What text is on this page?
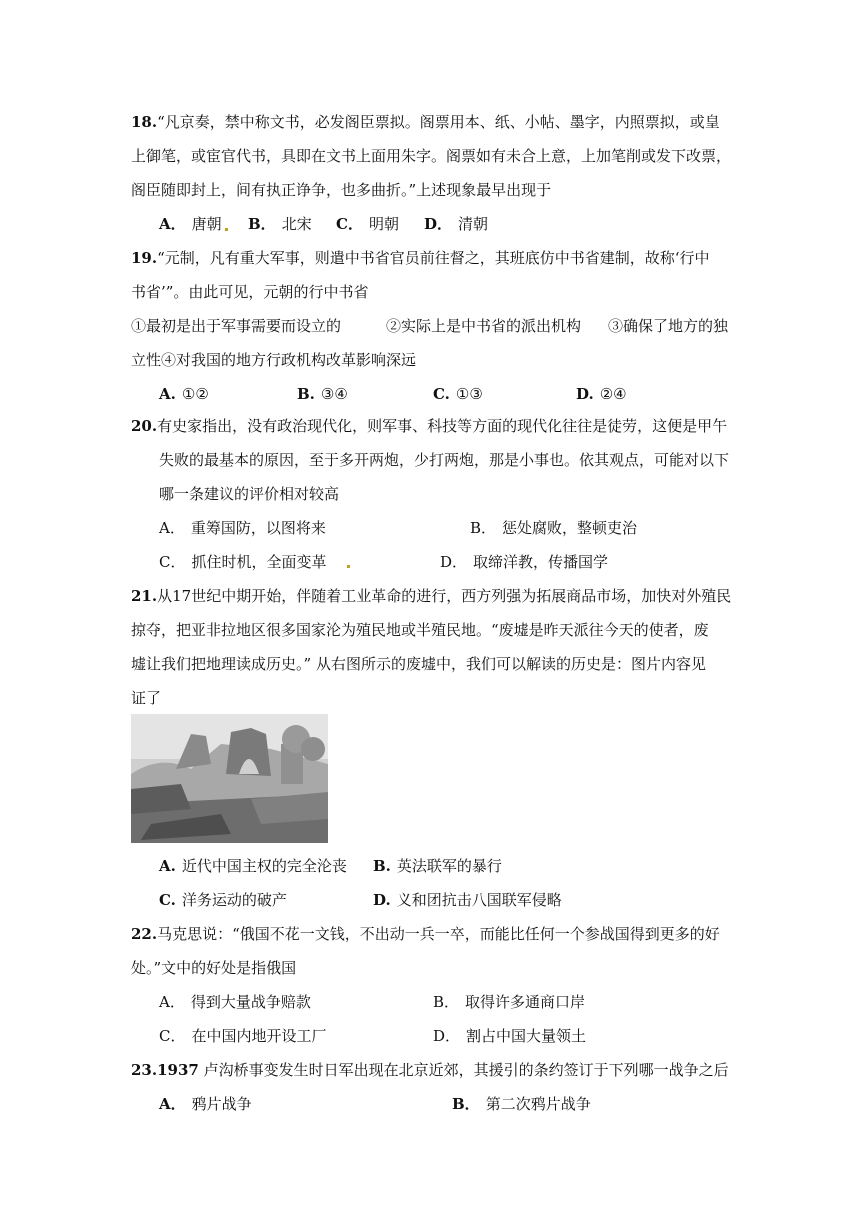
18.“凡京奏，禁中称文书，必发阁臣票拟。阁票用本、纸、小帖、墨字，内照票拟，或皇
上御笔，或宦官代书，具即在文书上面用朱字。阁票如有未合上意，上加笔削或发下改票，
阁臣随即封上，间有执正诤争，也多曲折。”上述现象最早出现于
A． 唐朝	B． 北宋 C． 明朝 D． 清朝
19.“元制，凡有重大军事，则遣中书省官员前往督之，其班底仿中书省建制，故称‘行中
书省’”。由此可见，元朝的行中书省
①最初是出于军事需要而设立的	②实际上是中书省的派出机构 ③确保了地方的独
立性④对我国的地方行政机构改革影响深远
A. ①②	B. ③④	C. ①③	D. ②④
20.有史家指出，没有政治现代化，则军事、科技等方面的现代化往往是徒劳，这便是甲午
失败的最基本的原因，至于多开两炮，少打两炮，那是小事也。依其观点，可能对以下
哪一条建议的评价相对较高
A． 重筹国防，以图将来	B． 惩处腐败，整顿吏治
C． 抓住时机，全面变革	D． 取缔洋教，传播国学
21.从17世纪中期开始，伴随着工业革命的进行，西方列强为拓展商品市场，加快对外殖民
掠夺，把亚非拉地区很多国家沦为殖民地或半殖民地。“废墟是昨天派往今天的使者，废
墟让我们把地理读成历史。” 从右图所示的废墟中，我们可以解读的历史是：图片内容见
证了
A. 近代中国主权的完全沦丧 B. 英法联军的暴行
C. 洋务运动的破产	D. 义和团抗击八国联军侵略
22.马克思说：“俄国不花一文钱，不出动一兵一卒，而能比任何一个参战国得到更多的好
处。”文中的好处是指俄国
A． 得到大量战争赔款	B． 取得许多通商口岸
C． 在中国内地开设工厂	D． 割占中国大量领土
23.1937 卢沟桥事变发生时日军出现在北京近郊，其援引的条约签订于下列哪一战争之后
A． 鸦片战争	B． 第二次鸦片战争
